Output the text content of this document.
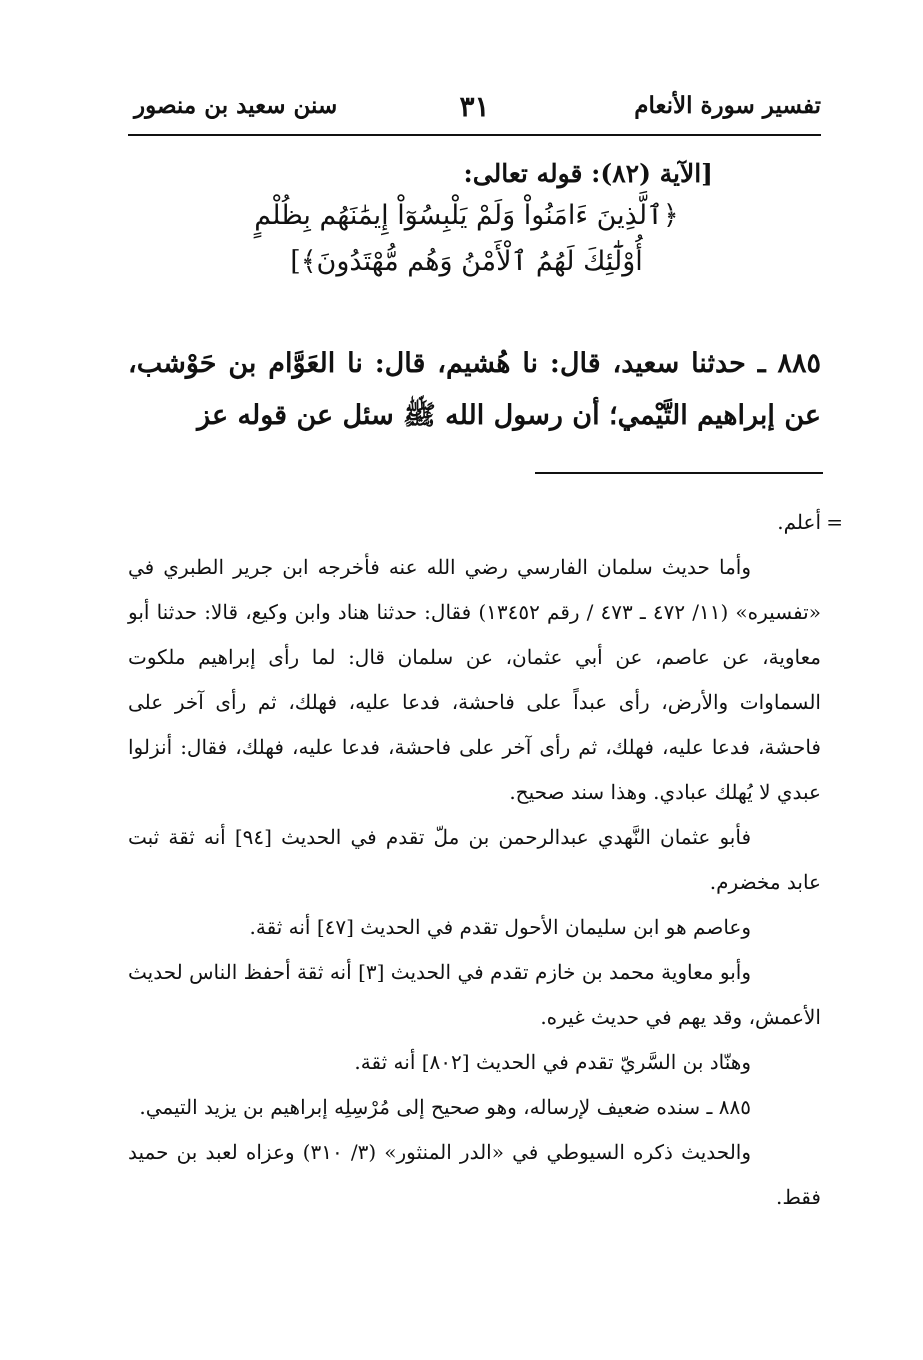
تفسير سورة الأنعام
٣١
سنن سعيد بن منصور
[الآية (٨٢): قوله تعالى:
﴿ٱلَّذِينَ ءَامَنُواْ وَلَمْ يَلْبِسُوٓاْ إِيمَٰنَهُم بِظُلْمٍ
أُوْلَٰٓئِكَ لَهُمُ ٱلْأَمْنُ وَهُم مُّهْتَدُونَ﴾]
٨٨٥ ـ حدثنا سعيد، قال: نا هُشيم، قال: نا العَوَّام بن حَوْشب، عن إبراهيم التَّيْمي؛ أن رسول الله ﷺ سئل عن قوله عز
=
أعلم.
وأما حديث سلمان الفارسي رضي الله عنه فأخرجه ابن جرير الطبري في «تفسيره» (١١/ ٤٧٢ ـ ٤٧٣ / رقم ١٣٤٥٢) فقال: حدثنا هناد وابن وكيع، قالا: حدثنا أبو معاوية، عن عاصم، عن أبي عثمان، عن سلمان قال: لما رأى إبراهيم ملكوت السماوات والأرض، رأى عبداً على فاحشة، فدعا عليه، فهلك، ثم رأى آخر على فاحشة، فدعا عليه، فهلك، ثم رأى آخر على فاحشة، فدعا عليه، فهلك، فقال: أنزلوا عبدي لا يُهلك عبادي. وهذا سند صحيح.
فأبو عثمان النَّهدي عبدالرحمن بن ملّ تقدم في الحديث [٩٤] أنه ثقة ثبت عابد مخضرم.
وعاصم هو ابن سليمان الأحول تقدم في الحديث [٤٧] أنه ثقة.
وأبو معاوية محمد بن خازم تقدم في الحديث [٣] أنه ثقة أحفظ الناس لحديث الأعمش، وقد يهم في حديث غيره.
وهنّاد بن السَّريّ تقدم في الحديث [٨٠٢] أنه ثقة.
٨٨٥ ـ سنده ضعيف لإرساله، وهو صحيح إلى مُرْسِلِه إبراهيم بن يزيد التيمي.
والحديث ذكره السيوطي في «الدر المنثور» (٣/ ٣١٠) وعزاه لعبد بن حميد فقط.
